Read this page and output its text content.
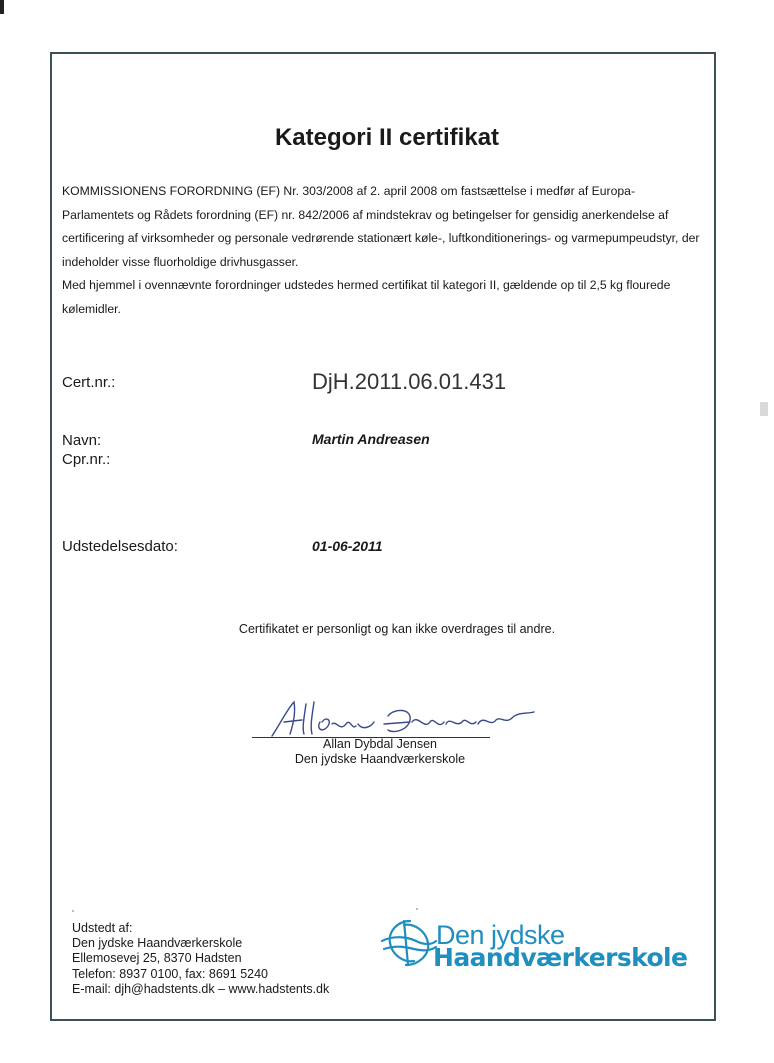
Kategori II certifikat

KOMMISSIONENS FORORDNING (EF) Nr. 303/2008 af 2. april 2008 om fastsættelse i medfør af Europa-Parlamentets og Rådets forordning (EF) nr. 842/2006 af mindstekrav og betingelser for gensidig anerkendelse af certificering af virksomheder og personale vedrørende stationært køle-, luftkonditionerings- og varmepumpeudstyr, der indeholder visse fluorholdige drivhusgasser.

Med hjemmel i ovennævnte forordninger udstedes hermed certifikat til kategori II, gældende op til 2,5 kg flourede kølemidler.

Cert.nr.:	DjH.2011.06.01.431
Navn:	Martin Andreasen
Cpr.nr.:
Udstedelsesdato:	01-06-2011
Certifikatet er personligt og kan ikke overdrages til andre.
Allan Dybdal Jensen
Den jydske Haandværkerskole
Udstedt af:
Den jydske Haandværkerskole
Ellemosevej 25, 8370 Hadsten
Telefon: 8937 0100, fax: 8691 5240
E-mail: djh@hadstents.dk – www.hadstents.dk
Den jydske
Haandværkerskole
